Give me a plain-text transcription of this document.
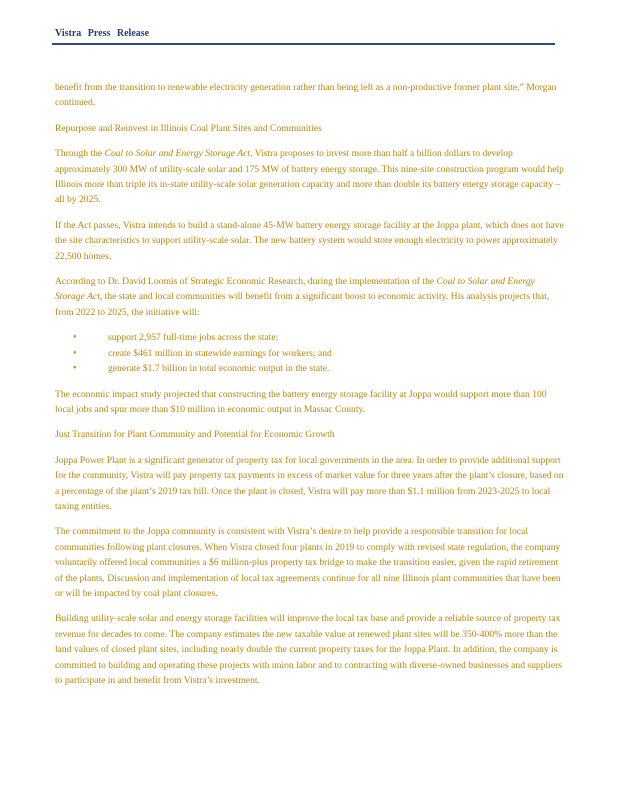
Vistra Press Release

benefit from the transition to renewable electricity generation rather than being left as a non-productive former plant site,” Morgan continued.

Repurpose and Reinvest in Illinois Coal Plant Sites and Communities

Through the Coal to Solar and Energy Storage Act, Vistra proposes to invest more than half a billion dollars to develop approximately 300 MW of utility-scale solar and 175 MW of battery energy storage. This nine-site construction program would help Illinois more than triple its in-state utility-scale solar generation capacity and more than double its battery energy storage capacity – all by 2025.

If the Act passes, Vistra intends to build a stand-alone 45-MW battery energy storage facility at the Joppa plant, which does not have the site characteristics to support utility-scale solar. The new battery system would store enough electricity to power approximately 22,500 homes.

According to Dr. David Loomis of Strategic Economic Research, during the implementation of the Coal to Solar and Energy Storage Act, the state and local communities will benefit from a significant boost to economic activity. His analysis projects that, from 2022 to 2025, the initiative will:

•	support 2,957 full-time jobs across the state;
•	create $461 million in statewide earnings for workers; and
•	generate $1.7 billion in total economic output in the state.

The economic impact study projected that constructing the battery energy storage facility at Joppa would support more than 100 local jobs and spur more than $10 million in economic output in Massac County.

Just Transition for Plant Community and Potential for Economic Growth

Joppa Power Plant is a significant generator of property tax for local governments in the area. In order to provide additional support for the community, Vistra will pay property tax payments in excess of market value for three years after the plant’s closure, based on a percentage of the plant’s 2019 tax bill. Once the plant is closed, Vistra will pay more than $1.1 million from 2023-2025 to local taxing entities.

The commitment to the Joppa community is consistent with Vistra’s desire to help provide a responsible transition for local communities following plant closures. When Vistra closed four plants in 2019 to comply with revised state regulation, the company voluntarily offered local communities a $6 million-plus property tax bridge to make the transition easier, given the rapid retirement of the plants. Discussion and implementation of local tax agreements continue for all nine Illinois plant communities that have been or will be impacted by coal plant closures.

Building utility-scale solar and energy storage facilities will improve the local tax base and provide a reliable source of property tax revenue for decades to come. The company estimates the new taxable value at renewed plant sites will be 350-400% more than the land values of closed plant sites, including nearly double the current property taxes for the Joppa Plant. In addition, the company is committed to building and operating these projects with union labor and to contracting with diverse-owned businesses and suppliers to participate in and benefit from Vistra’s investment.
